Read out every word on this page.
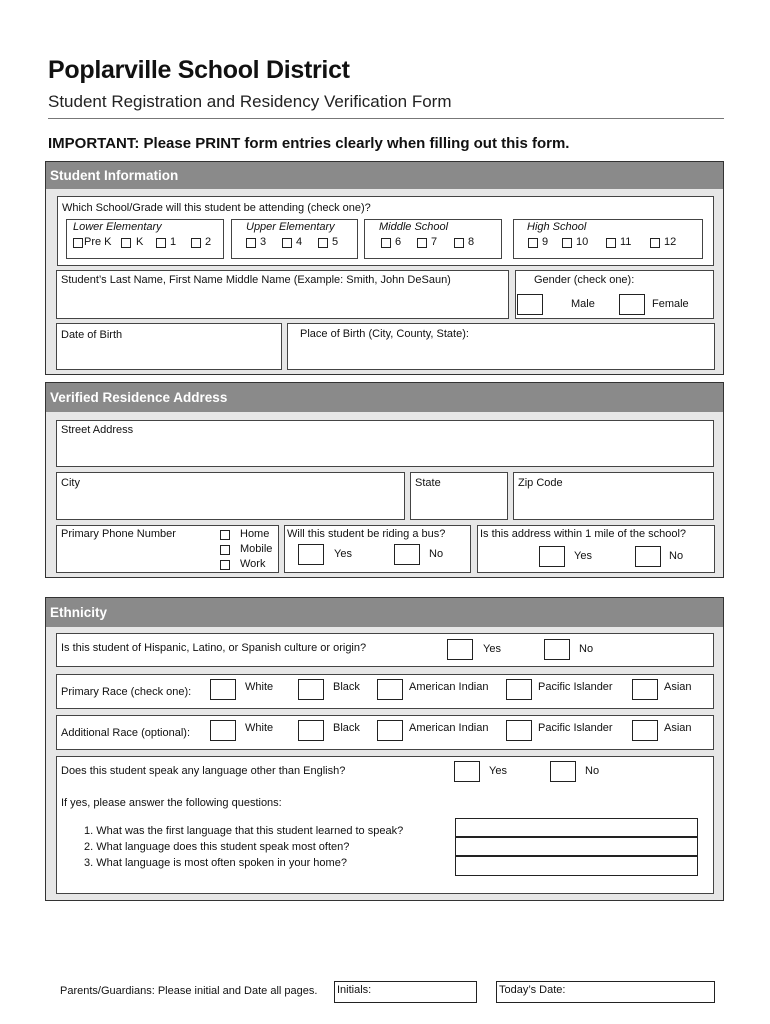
Poplarville School District
Student Registration and Residency Verification Form
IMPORTANT: Please PRINT form entries clearly when filling out this form.
Student Information
Which School/Grade will this student be attending (check one)?
Lower Elementary
Pre K K 1	2
Upper Elementary
3	4	5
Middle School
6	7	8
High School
9	10	11	12
Student’s Last Name, First Name Middle Name (Example: Smith, John DeSaun)	Gender (check one):
Male	Female
Date of Birth	Place of Birth (City, County, State):
Verified Residence Address
Street Address
City	State	Zip Code
Primary Phone Number	Home
Mobile
Work
Will this student be riding a bus?
Yes	No
Is this address within 1 mile of the school?
Yes	No
Ethnicity
Is this student of Hispanic, Latino, or Spanish culture or origin?	Yes	No
Primary Race (check one):	White	Black	American Indian	Pacific Islander	Asian
Additional Race (optional):	White	Black	American Indian	Pacific Islander	Asian
Does this student speak any language other than English?	Yes	No
If yes, please answer the following questions:
1. What was the first language that this student learned to speak?
2. What language does this student speak most often?
3. What language is most often spoken in your home?
Parents/Guardians: Please initial and Date all pages. Initials:	Today’s Date:
